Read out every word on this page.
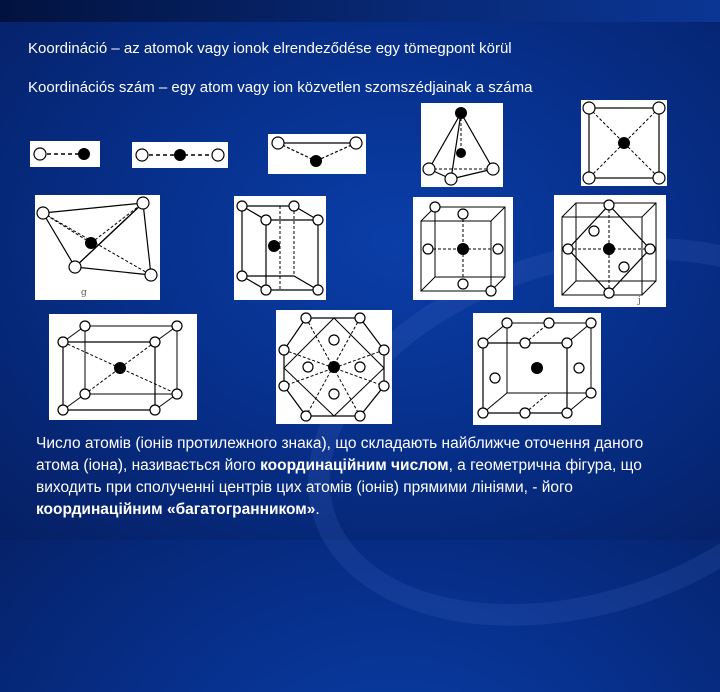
Koordináció – az atomok vagy ionok elrendeződése egy tömegpont körül
Koordinációs szám – egy atom vagy ion közvetlen szomszédjainak a száma
g
j
Число атомів (іонів протилежного знака), що складають найближче оточення даного атома (іона), називається його координаційним числом, а геометрична фігура, що виходить при сполученні центрів цих атомів (іонів) прямими лініями, - його координаційним «багатогранником».
